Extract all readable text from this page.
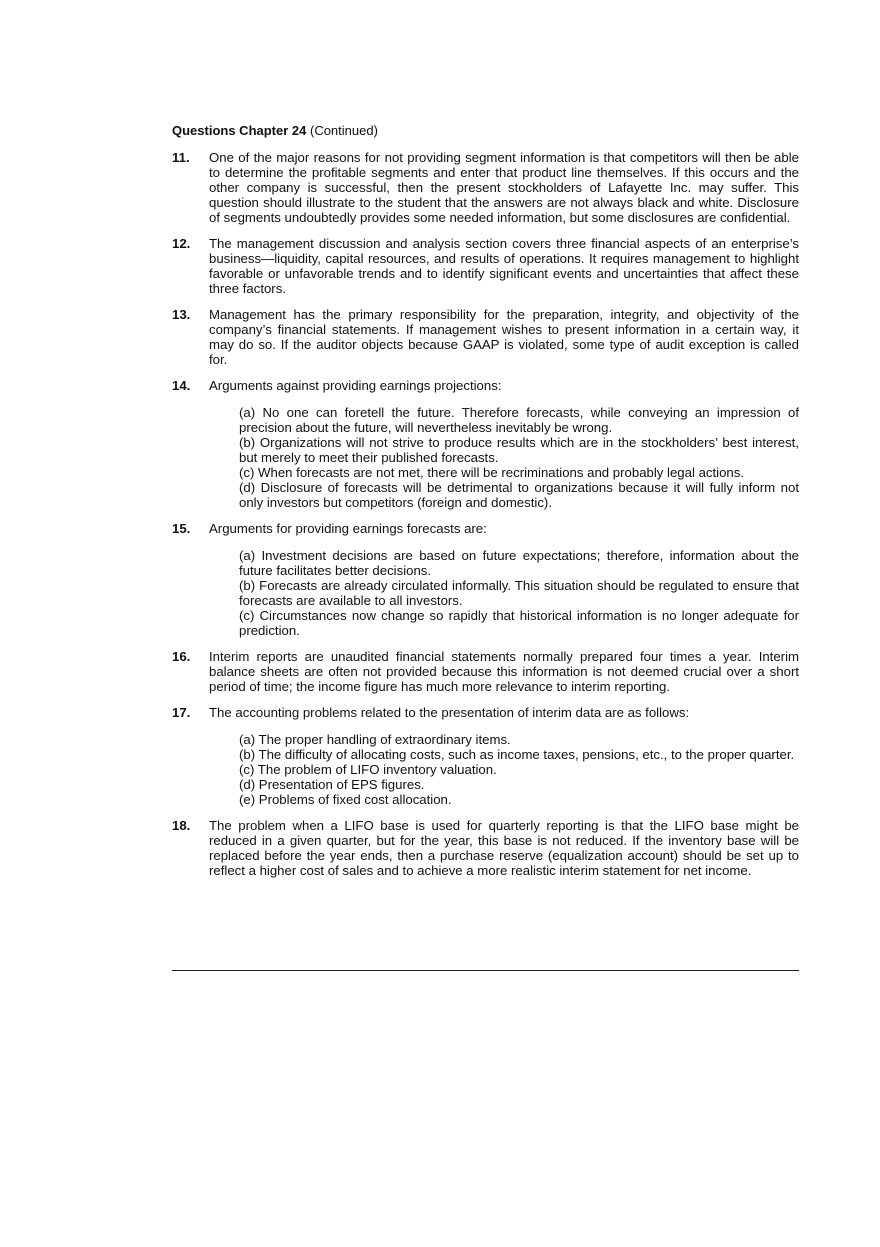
Questions Chapter 24 (Continued)
11.	One of the major reasons for not providing segment information is that competitors will then be able to determine the profitable segments and enter that product line themselves. If this occurs and the other company is successful, then the present stockholders of Lafayette Inc. may suffer. This question should illustrate to the student that the answers are not always black and white. Disclosure of segments undoubtedly provides some needed information, but some disclosures are confidential.

12.	The management discussion and analysis section covers three financial aspects of an enterprise’s business—liquidity, capital resources, and results of operations. It requires management to highlight favorable or unfavorable trends and to identify significant events and uncertainties that affect these three factors.

13.	Management has the primary responsibility for the preparation, integrity, and objectivity of the company’s financial statements. If management wishes to present information in a certain way, it may do so. If the auditor objects because GAAP is violated, some type of audit exception is called for.

14.	Arguments against providing earnings projections:

(a) No one can foretell the future. Therefore forecasts, while conveying an impression of precision about the future, will nevertheless inevitably be wrong.
(b) Organizations will not strive to produce results which are in the stockholders’ best interest, but merely to meet their published forecasts.
(c) When forecasts are not met, there will be recriminations and probably legal actions.
(d) Disclosure of forecasts will be detrimental to organizations because it will fully inform not only investors but competitors (foreign and domestic).
15.	Arguments for providing earnings forecasts are:

(a) Investment decisions are based on future expectations; therefore, information about the future facilitates better decisions.
(b) Forecasts are already circulated informally. This situation should be regulated to ensure that forecasts are available to all investors.
(c) Circumstances now change so rapidly that historical information is no longer adequate for prediction.
16.	Interim reports are unaudited financial statements normally prepared four times a year. Interim balance sheets are often not provided because this information is not deemed crucial over a short period of time; the income figure has much more relevance to interim reporting.

17.	The accounting problems related to the presentation of interim data are as follows:

(a) The proper handling of extraordinary items.
(b) The difficulty of allocating costs, such as income taxes, pensions, etc., to the proper quarter.
(c) The problem of LIFO inventory valuation.
(d) Presentation of EPS figures.
(e) Problems of fixed cost allocation.
18.	The problem when a LIFO base is used for quarterly reporting is that the LIFO base might be reduced in a given quarter, but for the year, this base is not reduced. If the inventory base will be replaced before the year ends, then a purchase reserve (equalization account) should be set up to reflect a higher cost of sales and to achieve a more realistic interim statement for net income.
